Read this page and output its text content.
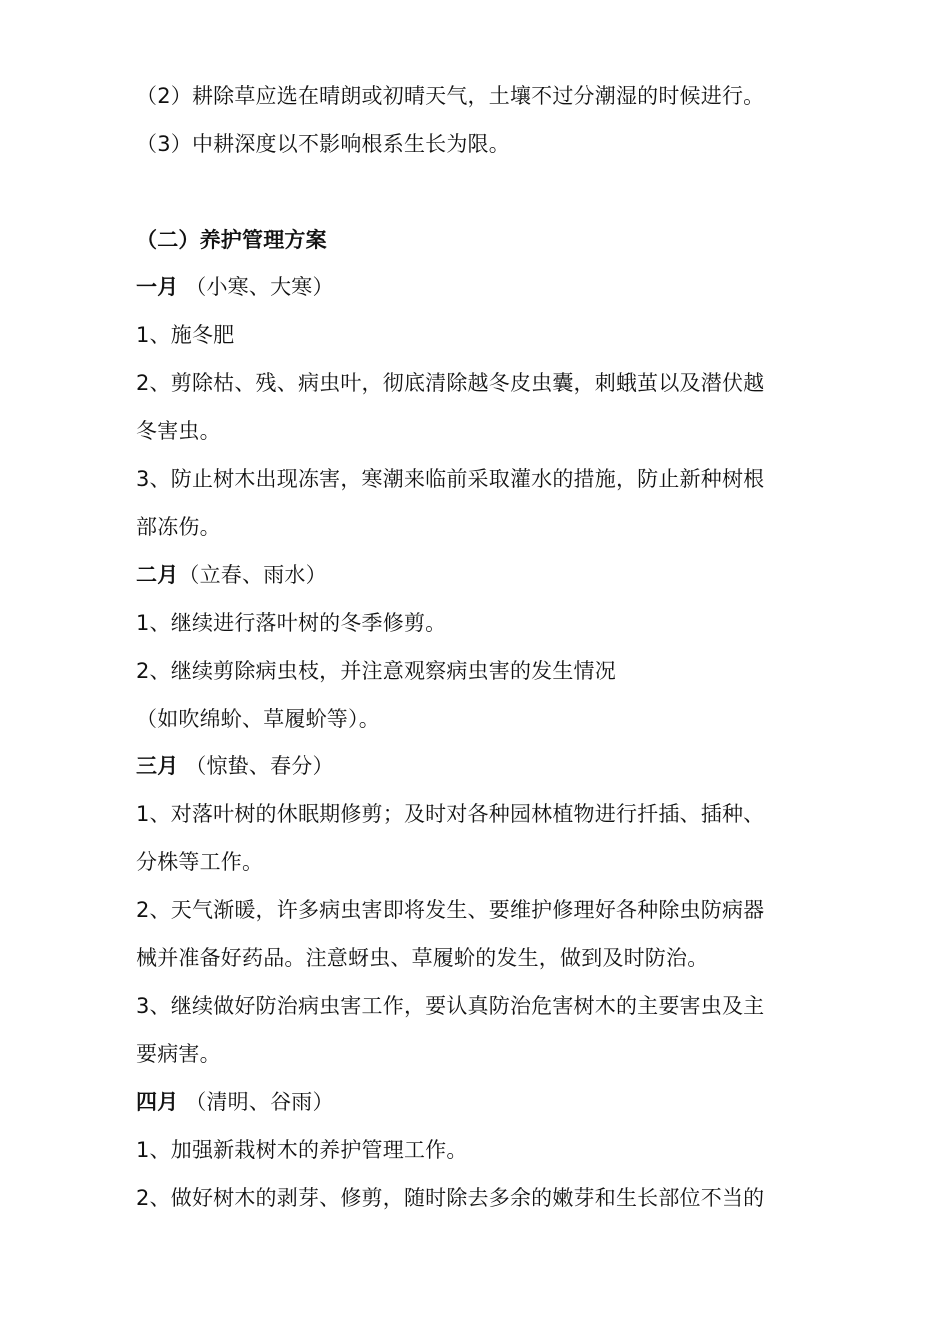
（2）耕除草应选在晴朗或初晴天气，土壤不过分潮湿的时候进行。
（3）中耕深度以不影响根系生长为限。
（二）养护管理方案
一月 （小寒、大寒）
1、施冬肥
2、剪除枯、残、病虫叶，彻底清除越冬皮虫囊，刺蛾茧以及潜伏越
冬害虫。
3、防止树木出现冻害，寒潮来临前采取灌水的措施，防止新种树根
部冻伤。
二月（立春、雨水）
1、继续进行落叶树的冬季修剪。
2、继续剪除病虫枝，并注意观察病虫害的发生情况
（如吹绵蚧、草履蚧等）。
三月 （惊蛰、春分）
1、对落叶树的休眠期修剪；及时对各种园林植物进行扦插、插种、
分株等工作。
2、天气渐暖，许多病虫害即将发生、要维护修理好各种除虫防病器
械并准备好药品。注意蚜虫、草履蚧的发生，做到及时防治。
3、继续做好防治病虫害工作，要认真防治危害树木的主要害虫及主
要病害。
四月 （清明、谷雨）
1、加强新栽树木的养护管理工作。
2、做好树木的剥芽、修剪，随时除去多余的嫩芽和生长部位不当的
